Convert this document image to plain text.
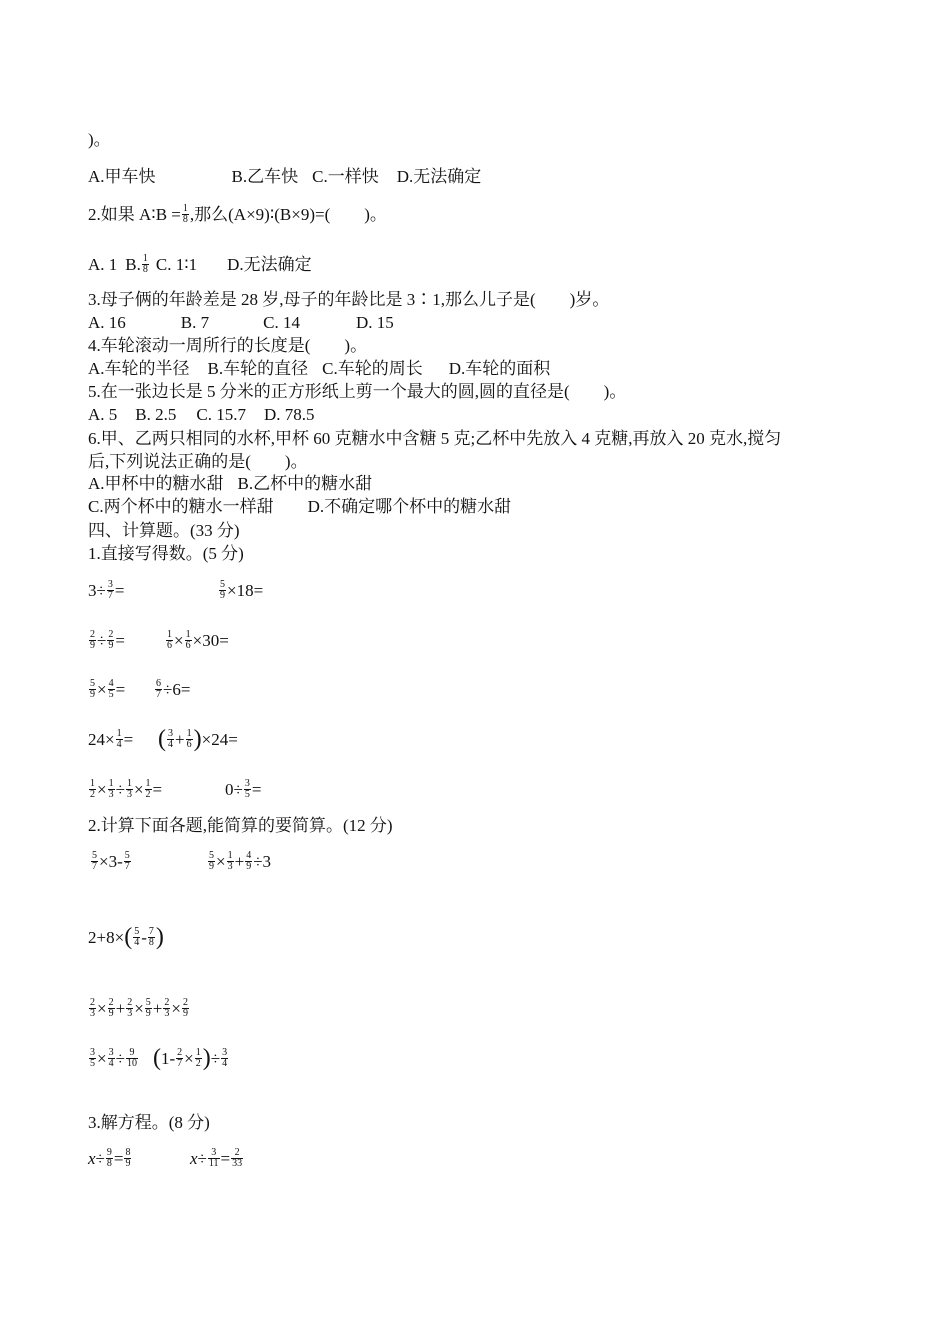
)。
A.甲车快	B.乙车快 C.一样快 D.无法确定
2.如果 A∶B = $\frac{1}{8}$ ,那么(A×9)∶(B×9)=(　　)。
A. 1 B. $\frac{1}{8} C$. 1∶1 D.无法确定
3.母子俩的年龄差是 28 岁,母子的年龄比是 3∶1,那么儿子是(　　)岁。
A. 16	B. 7	C. 14	D. 15
4.车轮滚动一周所行的长度是(　　)。
A.车轮的半径 B.车轮的直径 C.车轮的周长 D.车轮的面积
5.在一张边长是 5 分米的正方形纸上剪一个最大的圆,圆的直径是(　　)。
A. 5 B. 2.5 C. 15.7 D. 78.5
6.甲、乙两只相同的水杯,甲杯 60 克糖水中含糖 5 克;乙杯中先放入 4 克糖,再放入 20 克水,搅匀
后,下列说法正确的是(　　)。
A.甲杯中的糖水甜 B.乙杯中的糖水甜
C.两个杯中的糖水一样甜 D.不确定哪个杯中的糖水甜
四、计算题。(33 分)
1.直接写得数。(5 分)
$3\div \frac{3}{7}$ =	$\frac{5}{9} \times 18=$
$\frac{2}{9} \div \frac{2}{9}$ =	$\frac{1}{6} \times \frac{1}{6} \times 30=$
$\frac{5}{9} \times \frac{4}{5}$ =	$\frac{6}{7} \div 6=$
$24\times \frac{1}{4}$ = ( $\frac{3}{4} + \frac{1}{6} )\times 24=$
$\frac{1}{2} \times \frac{1}{3} \div \frac{1}{3} \times \frac{1}{2}$ =	$0\div \frac{3}{5}$ =
2.计算下面各题,能简算的要简算。(12 分)
$\frac{5}{7} \times 3- \frac{5}{7}$	$\frac{5}{9} \times \frac{1}{3} + \frac{4}{9} \div 3$
$2+8\times( \frac{5}{4} - \frac{7}{8}$ )
$\frac{2}{3} \times \frac{2}{9} + \frac{2}{3} \times \frac{5}{9} + \frac{2}{3} \times \frac{2}{9}$
$\frac{3}{5} \times \frac{3}{4} \div \frac{9}{10} (1- \frac{2}{7} \times \frac{1}{2}$ )÷ $\frac{3}{4}$
3.解方程。(8 分)
$x\div \frac{9}{8} = \frac{8}{9}$	$x\div \frac{3}{11} = \frac{2}{33}$
